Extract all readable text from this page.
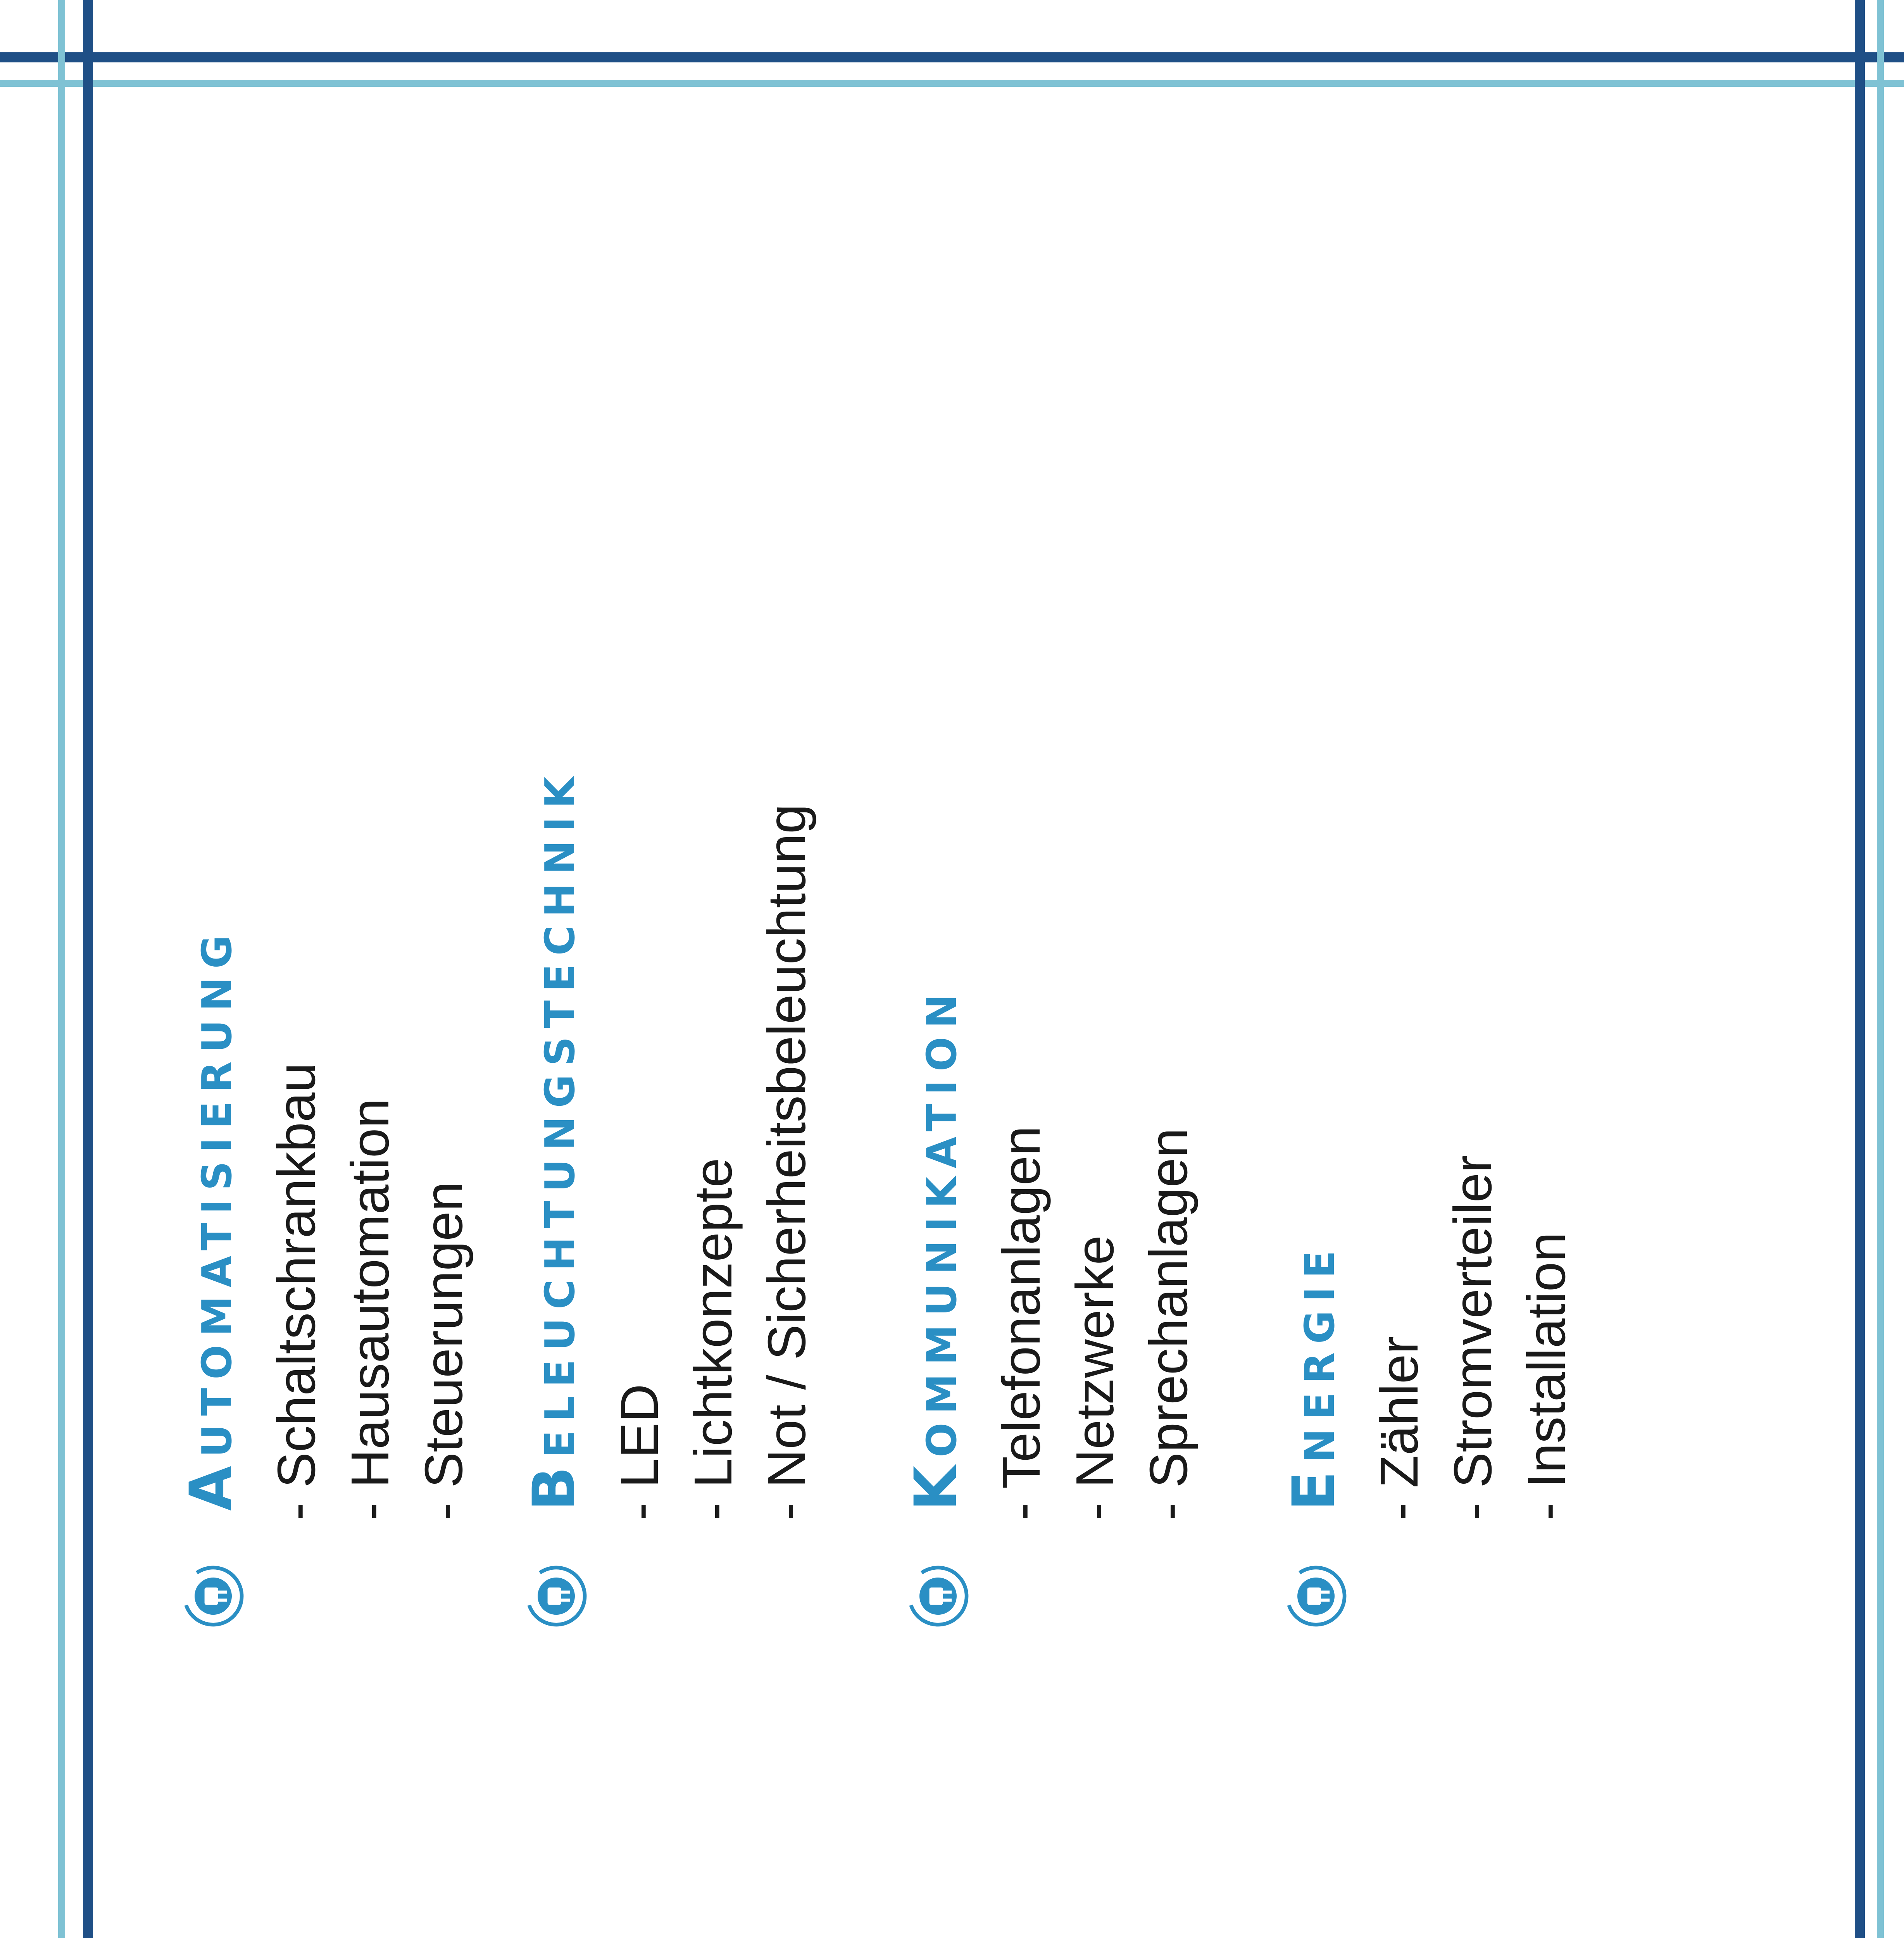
Automatisierung - Schaltschrankbau - Hausautomation - Steuerungen Beleuchtungstechnik - LED - Lichtkonzepte - Not / Sicherheitsbeleuchtung Kommunikation - Telefonanlagen - Netzwerke - Sprechanlagen Energie - Zähler - Stromverteiler - Installation
